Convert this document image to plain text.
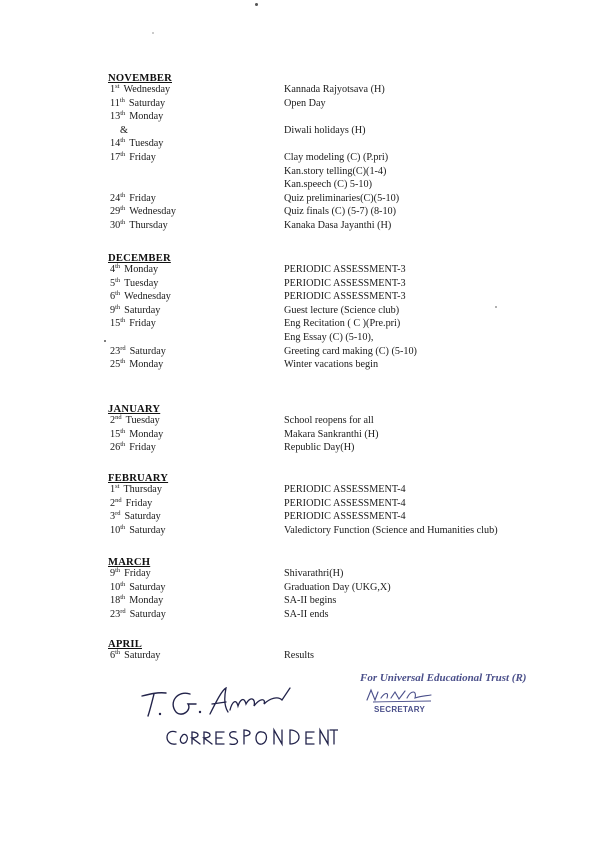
NOVEMBER
1st Wednesday	Kannada Rajyotsava (H)
11th Saturday	Open Day
13th Monday
&	Diwali holidays (H)
14th Tuesday
17th Friday	Clay modeling (C) (P.pri)
Kan.story telling(C)(1-4)
Kan.speech (C) 5-10)
24th Friday	Quiz preliminaries(C)(5-10)
29th Wednesday	Quiz finals (C) (5-7) (8-10)
30th Thursday	Kanaka Dasa Jayanthi (H)
DECEMBER
4th Monday	PERIODIC ASSESSMENT-3
5th Tuesday	PERIODIC ASSESSMENT-3
6th Wednesday	PERIODIC ASSESSMENT-3
9th Saturday	Guest lecture (Science club)
15th Friday	Eng Recitation ( C )(Pre.pri)
Eng Essay (C) (5-10),
23rd Saturday	Greeting card making (C) (5-10)
25th Monday	Winter vacations begin
JANUARY
2nd Tuesday	School reopens for all
15th Monday	Makara Sankranthi (H)
26th Friday	Republic Day(H)
FEBRUARY
1st Thursday	PERIODIC ASSESSMENT-4
2nd Friday	PERIODIC ASSESSMENT-4
3rd Saturday	PERIODIC ASSESSMENT-4
10th Saturday	Valedictory Function (Science and Humanities club)
MARCH
9th Friday	Shivarathri(H)
10th Saturday	Graduation Day (UKG,X)
18th Monday	SA-II begins
23rd Saturday	SA-II ends
APRIL
6th Saturday	Results
For Universal Educational Trust (R)
SECRETARY
